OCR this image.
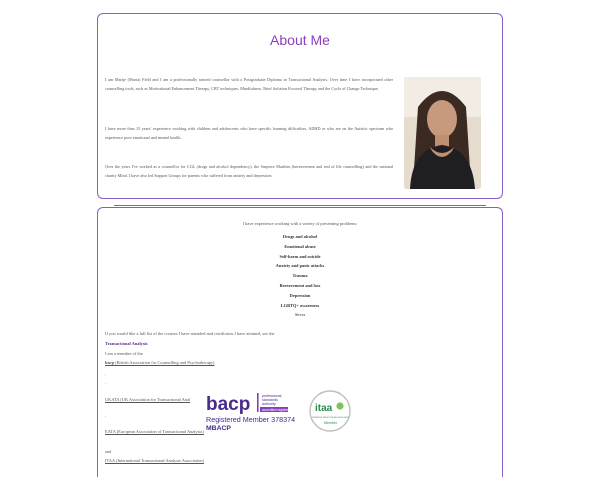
About Me

I am Marije (Maria) Field and I am a professionally trained counsellor with a Postgraduate Diploma in Transactional Analysis. Over time I have incorporated other counselling tools, such as Motivational Enhancement Therapy, CBT techniques, Mindfulness, Brief Solution Focused Therapy and the Cycle of Change Technique.

I have more than 15 years' experience working with children and adolescents who have specific learning difficulties, ADHD or who are on the Autistic spectrum who experience poor emotional and mental health.

Over the years I've worked as a counsellor for CGL (drugs and alcohol dependency), the Surprice Marthen (bereavement and end of life counselling) and the national charity Mind. I have also led Support Groups for parents who suffered from anxiety and depression.

I have experience working with a variety of presenting problems:

Drugs and alcohol
Emotional abuse
Self-harm and suicide
Anxiety and panic attacks
Trauma
Bereavement and loss
Depression
LGBTQ+ awareness
Stress

If you would like a full list of the courses I have attended and certificates I have attained, see the

Transactional Analysis

I am a member of the

bacp (British Association for Counselling and Psychotherapy)

,

,

UKATA (UK Association for Transactional Anal

,

EATA (European Association of Transactional Analysis)

and

ITAA (International Transactional Analysis Association)

bacp	professional
standards
authority
accredited register
Registered Member 378374
MBACP
itaa
INTERNATIONAL TRANSACTIONAL ANALYSIS ASSOCIATION
Member
